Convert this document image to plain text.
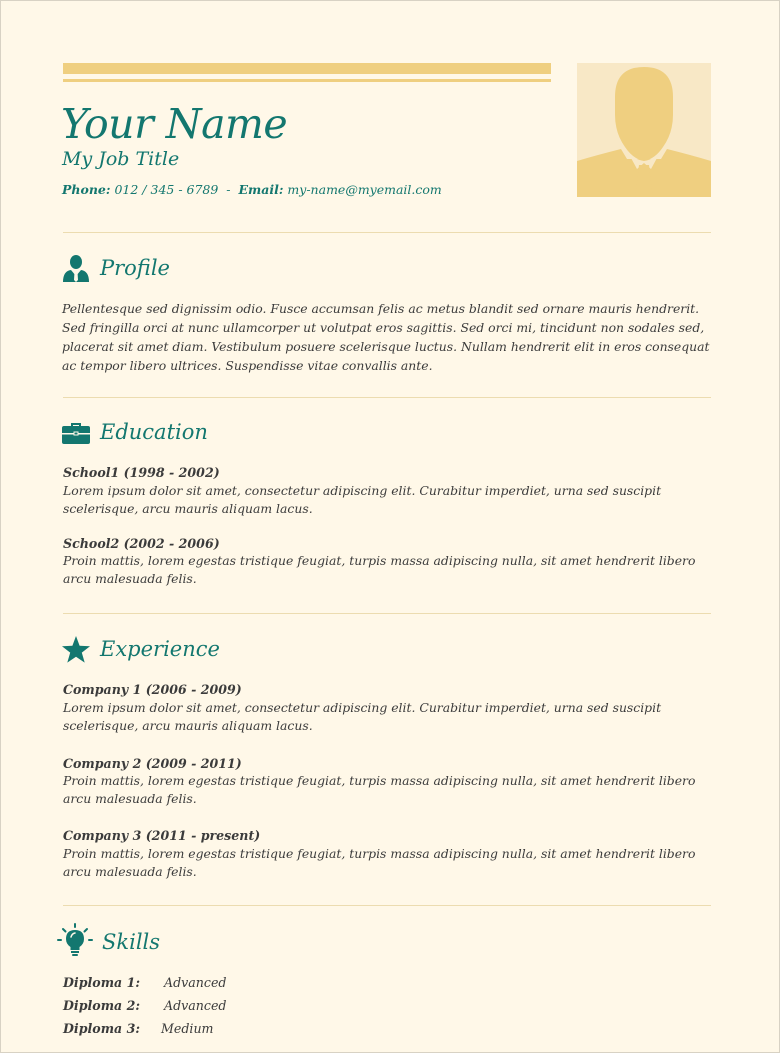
Your Name
My Job Title
Phone: 012 / 345 - 6789 - Email: my-name@myemail.com
Profile
Pellentesque sed dignissim odio. Fusce accumsan felis ac metus blandit sed ornare mauris hendrerit. Sed fringilla orci at nunc ullamcorper ut volutpat eros sagittis. Sed orci mi, tincidunt non sodales sed, placerat sit amet diam. Vestibulum posuere scelerisque luctus. Nullam hendrerit elit in eros consequat ac tempor libero ultrices. Suspendisse vitae convallis ante.
Education
School1 (1998 - 2002)
Lorem ipsum dolor sit amet, consectetur adipiscing elit. Curabitur imperdiet, urna sed suscipit scelerisque, arcu mauris aliquam lacus.
School2 (2002 - 2006)
Proin mattis, lorem egestas tristique feugiat, turpis massa adipiscing nulla, sit amet hendrerit libero arcu malesuada felis.
Experience
Company 1 (2006 - 2009)
Lorem ipsum dolor sit amet, consectetur adipiscing elit. Curabitur imperdiet, urna sed suscipit scelerisque, arcu mauris aliquam lacus.
Company 2 (2009 - 2011)
Proin mattis, lorem egestas tristique feugiat, turpis massa adipiscing nulla, sit amet hendrerit libero arcu malesuada felis.
Company 3 (2011 - present)
Proin mattis, lorem egestas tristique feugiat, turpis massa adipiscing nulla, sit amet hendrerit libero arcu malesuada felis.
Skills
Diploma 1: Advanced
Diploma 2: Advanced
Diploma 3: Medium
